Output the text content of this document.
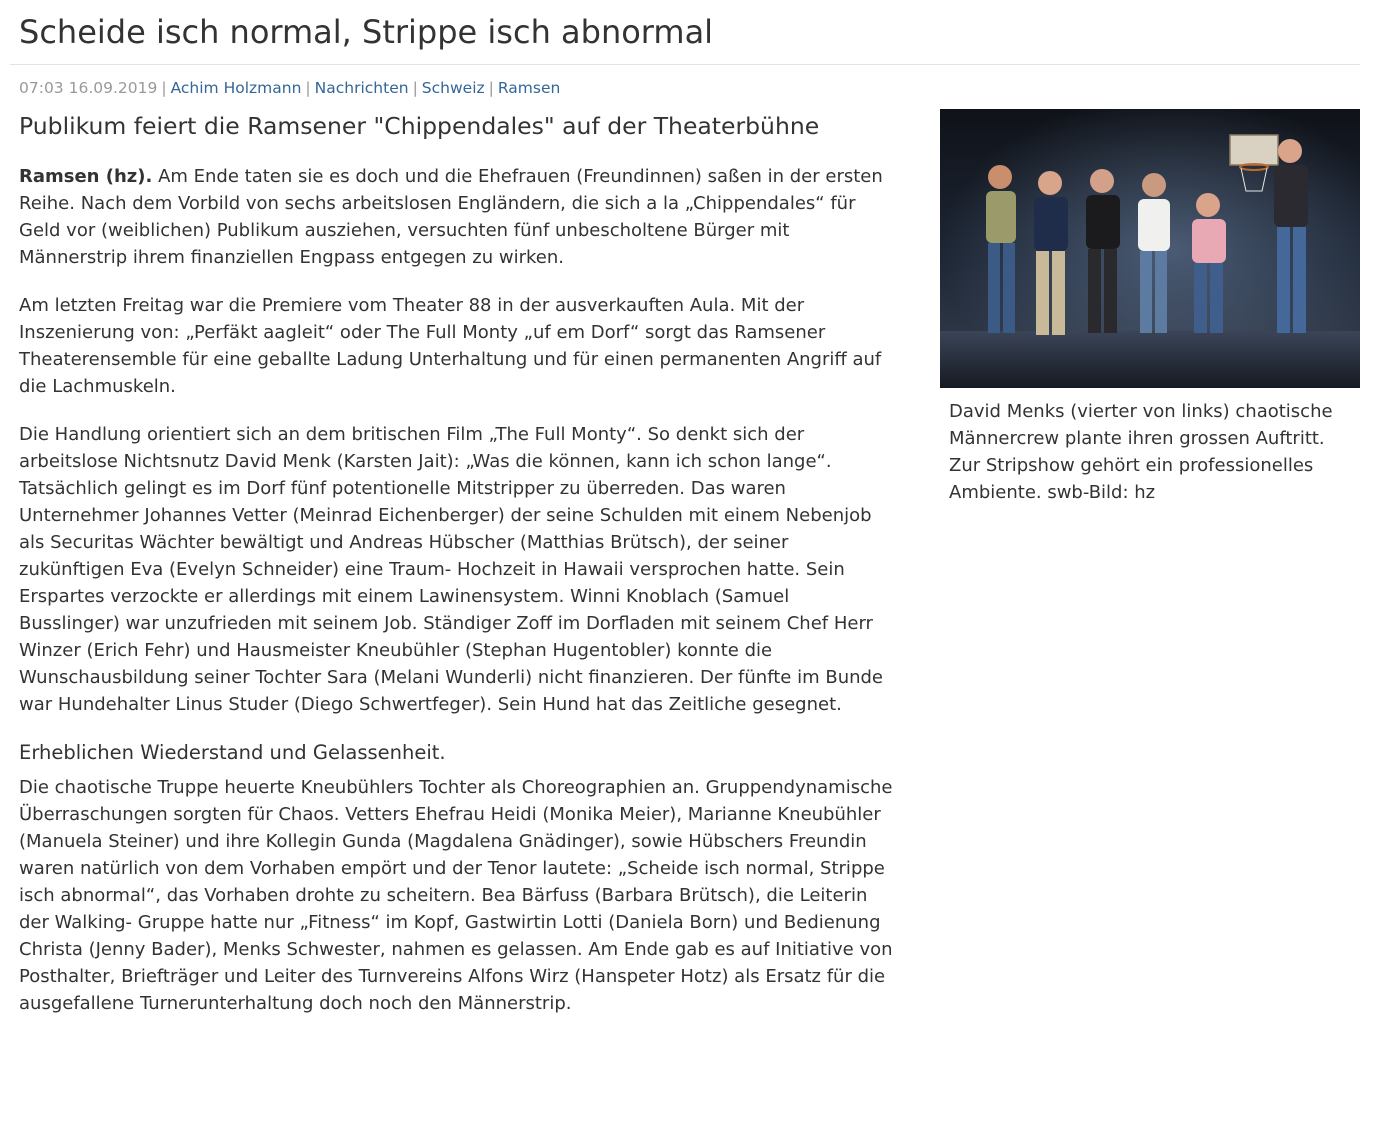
Scheide isch normal, Strippe isch abnormal
07:03 16.09.2019 | Achim Holzmann | Nachrichten | Schweiz | Ramsen
Publikum feiert die Ramsener "Chippendales" auf der Theaterbühne

Ramsen (hz). Am Ende taten sie es doch und die Ehefrauen (Freundinnen) saßen in der ersten Reihe. Nach dem Vorbild von sechs arbeitslosen Engländern, die sich a la „Chippendales“ für Geld vor (weiblichen) Publikum ausziehen, versuchten fünf unbescholtene Bürger mit Männerstrip ihrem finanziellen Engpass entgegen zu wirken.

Am letzten Freitag war die Premiere vom Theater 88 in der ausverkauften Aula. Mit der Inszenierung von: „Perfäkt aagleit“ oder The Full Monty „uf em Dorf“ sorgt das Ramsener Theaterensemble für eine geballte Ladung Unterhaltung und für einen permanenten Angriff auf die Lachmuskeln.

Die Handlung orientiert sich an dem britischen Film „The Full Monty“. So denkt sich der arbeitslose Nichtsnutz David Menk (Karsten Jait): „Was die können, kann ich schon lange“. Tatsächlich gelingt es im Dorf fünf potentionelle Mitstripper zu überreden. Das waren Unternehmer Johannes Vetter (Meinrad Eichenberger) der seine Schulden mit einem Nebenjob als Securitas Wächter bewältigt und Andreas Hübscher (Matthias Brütsch), der seiner zukünftigen Eva (Evelyn Schneider) eine Traum- Hochzeit in Hawaii versprochen hatte. Sein Erspartes verzockte er allerdings mit einem Lawinensystem. Winni Knoblach (Samuel Busslinger) war unzufrieden mit seinem Job. Ständiger Zoff im Dorfladen mit seinem Chef Herr Winzer (Erich Fehr) und Hausmeister Kneubühler (Stephan Hugentobler) konnte die Wunschausbildung seiner Tochter Sara (Melani Wunderli) nicht finanzieren. Der fünfte im Bunde war Hundehalter Linus Studer (Diego Schwertfeger). Sein Hund hat das Zeitliche gesegnet.

Erheblichen Wiederstand und Gelassenheit.

Die chaotische Truppe heuerte Kneubühlers Tochter als Choreographien an. Gruppendynamische Überraschungen sorgten für Chaos. Vetters Ehefrau Heidi (Monika Meier), Marianne Kneubühler (Manuela Steiner) und ihre Kollegin Gunda (Magdalena Gnädinger), sowie Hübschers Freundin waren natürlich von dem Vorhaben empört und der Tenor lautete: „Scheide isch normal, Strippe isch abnormal“, das Vorhaben drohte zu scheitern. Bea Bärfuss (Barbara Brütsch), die Leiterin der Walking- Gruppe hatte nur „Fitness“ im Kopf, Gastwirtin Lotti (Daniela Born) und Bedienung Christa (Jenny Bader), Menks Schwester, nahmen es gelassen. Am Ende gab es auf Initiative von Posthalter, Briefträger und Leiter des Turnvereins Alfons Wirz (Hanspeter Hotz) als Ersatz für die ausgefallene Turnerunterhaltung doch noch den Männerstrip.

David Menks (vierter von links) chaotische Männercrew plante ihren grossen Auftritt. Zur Stripshow gehört ein professionelles Ambiente. swb-Bild: hz
